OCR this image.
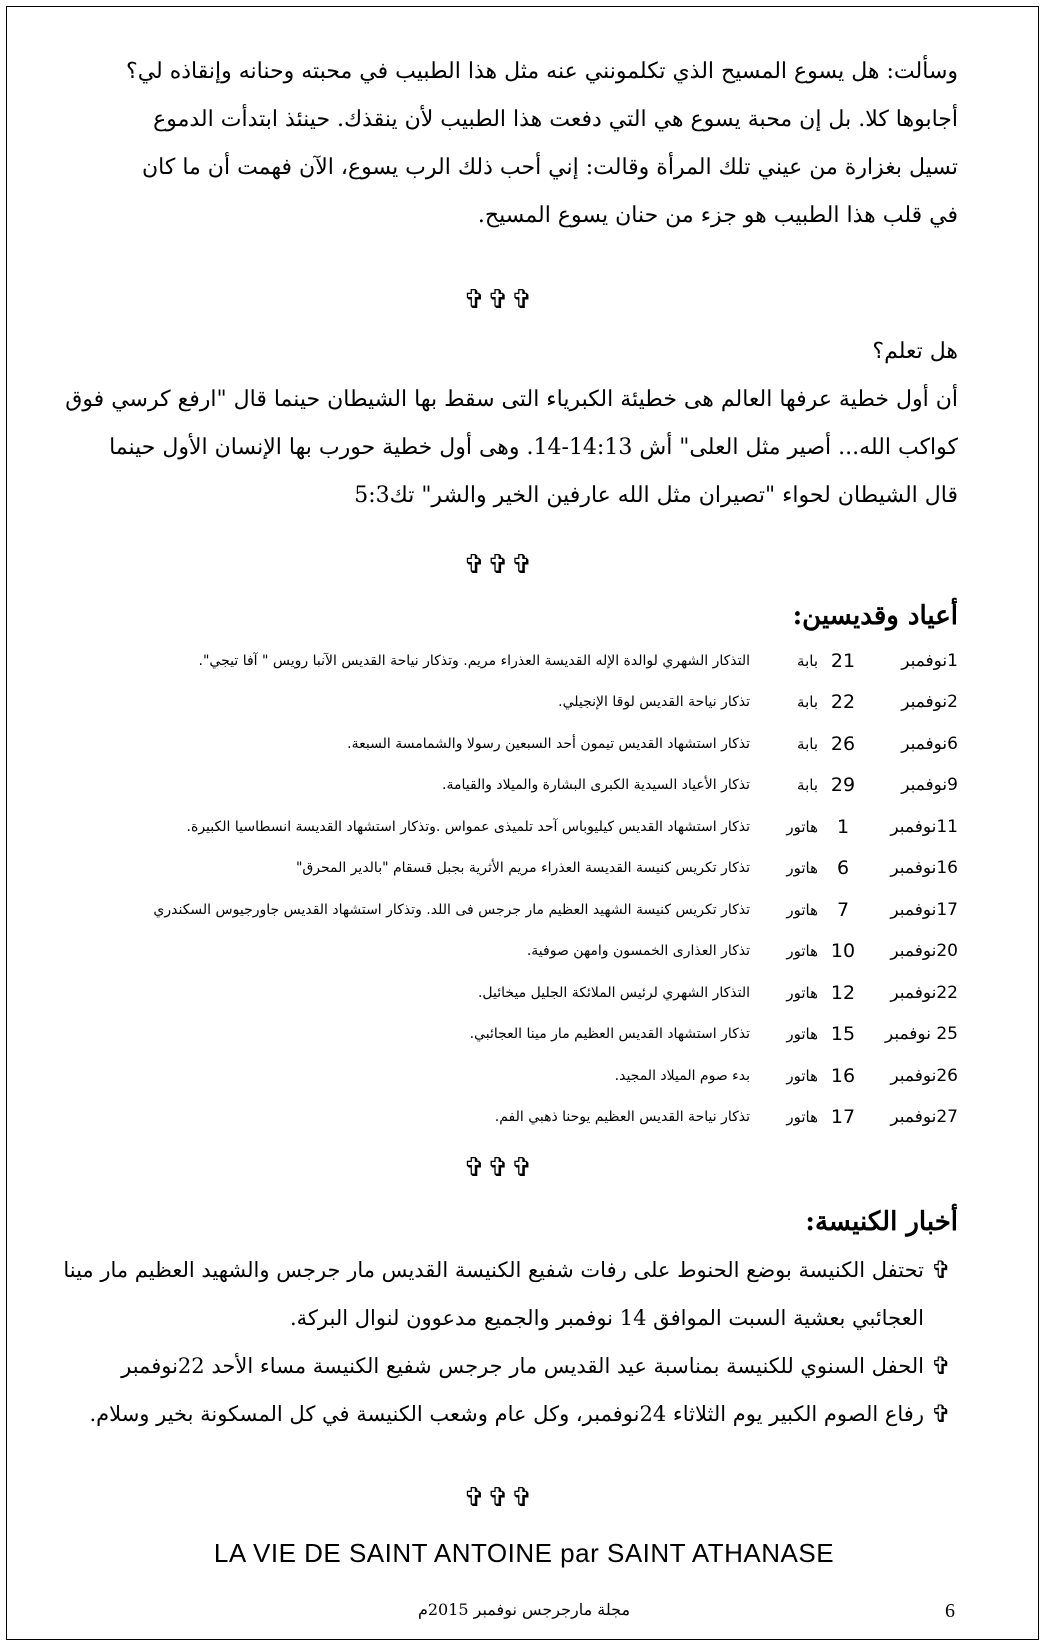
وسألت: هل يسوع المسيح الذي تكلمونني عنه مثل هذا الطبيب في محبته وحنانه وإنقاذه لي؟
أجابوها كلا. بل إن محبة يسوع هي التي دفعت هذا الطبيب لأن ينقذك. حينئذ ابتدأت الدموع
تسيل بغزارة من عيني تلك المرأة وقالت: إني أحب ذلك الرب يسوع، الآن فهمت أن ما كان
في قلب هذا الطبيب هو جزء من حنان يسوع المسيح.
✞✞✞
هل تعلم؟
أن أول خطية عرفها العالم هى خطيئة الكبرياء التى سقط بها الشيطان حينما قال "ارفع كرسي فوق
كواكب الله... أصير مثل العلى" أش 14:13-14. وهى أول خطية حورب بها الإنسان الأول حينما
قال الشيطان لحواء "تصيران مثل الله عارفين الخير والشر" تك5:3
✞✞✞
أعياد وقديسين:
1نوفمبر	21	بابة	التذكار الشهري لوالدة الإله القديسة العذراء مريم. وتذكار نياحة القديس الآنبا رويس " آفا تيجي".
2نوفمبر	22	بابة	تذكار نياحة القديس لوقا الإنجيلي.
6نوفمبر	26	بابة	تذكار استشهاد القديس تيمون أحد السبعين رسولا والشمامسة السبعة.
9نوفمبر	29	بابة	تذكار الأعياد السيدية الكبرى البشارة والميلاد والقيامة.
11نوفمبر	1	هاتور	تذكار استشهاد القديس كيليوباس آحد تلميذى عمواس .وتذكار استشهاد القديسة انسطاسيا الكبيرة.
16نوفمبر	6	هاتور	تذكار تكريس كنيسة القديسة العذراء مريم الأثرية بجبل قسقام "بالدير المحرق"
17نوفمبر	7	هاتور	تذكار تكريس كنيسة الشهيد العظيم مار جرجس فى اللد. وتذكار استشهاد القديس جاورجيوس السكندري
20نوفمبر	10	هاتور	تذكار العذارى الخمسون وامهن صوفية.
22نوفمبر	12	هاتور	التذكار الشهري لرئيس الملائكة الجليل ميخائيل.
25 نوفمبر	15	هاتور	تذكار استشهاد القديس العظيم مار مينا العجائبي.
26نوفمبر	16	هاتور	بدء صوم الميلاد المجيد.
27نوفمبر	17	هاتور	تذكار نياحة القديس العظيم يوحنا ذهبي الفم.
✞✞✞
أخبار الكنيسة:
✞
تحتفل الكنيسة بوضع الحنوط على رفات شفيع الكنيسة القديس مار جرجس والشهيد العظيم مار مينا
العجائبي بعشية السبت الموافق 14 نوفمبر والجميع مدعوون لنوال البركة.
✞
الحفل السنوي للكنيسة بمناسبة عيد القديس مار جرجس شفيع الكنيسة مساء الأحد 22نوفمبر
✞
رفاع الصوم الكبير يوم الثلاثاء 24نوفمبر، وكل عام وشعب الكنيسة في كل المسكونة بخير وسلام.
✞✞✞
LA VIE DE SAINT ANTOINE par SAINT ATHANASE
6
مجلة مارجرجس نوفمبر 2015م
